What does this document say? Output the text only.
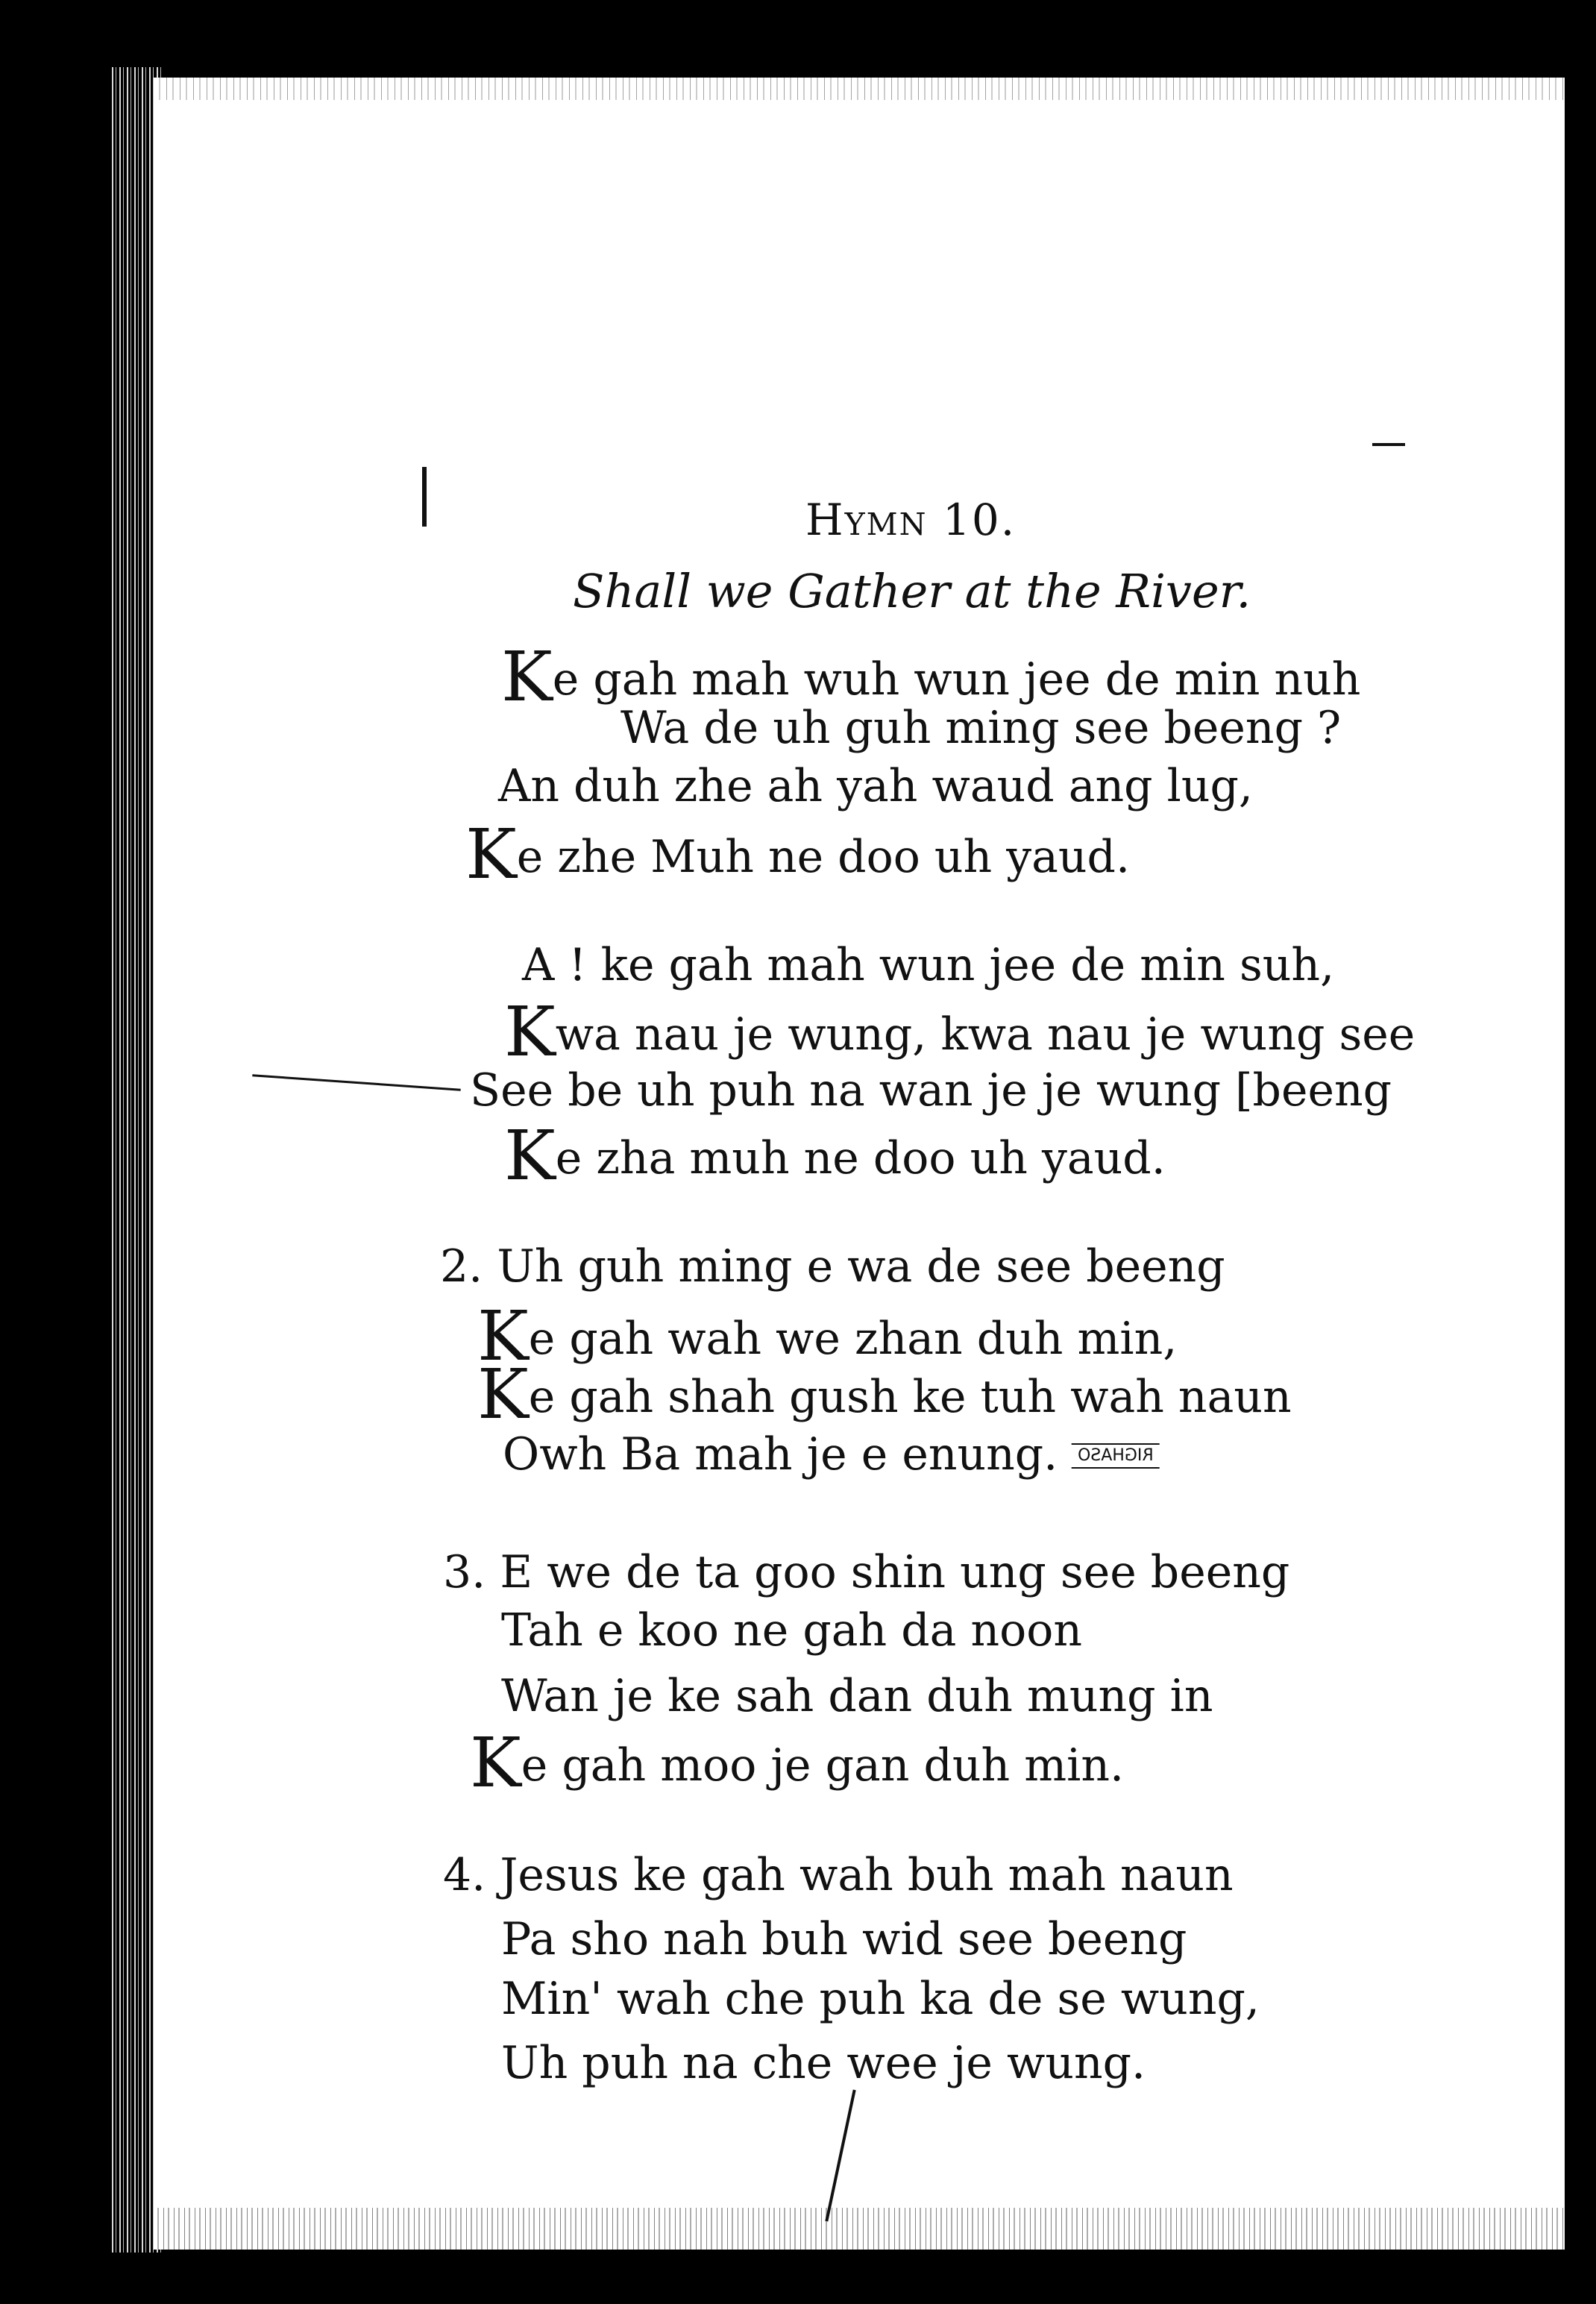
Hymn 10.
Shall we Gather at the River.
Ke gah mah wuh wun jee de min nuh
Wa de uh guh ming see beeng ?
An duh zhe ah yah waud ang lug,
Ke zhe Muh ne doo uh yaud.
A ! ke gah mah wun jee de min suh,
Kwa nau je wung, kwa nau je wung see
See be uh puh na wan je je wung [beeng
Ke zha muh ne doo uh yaud.
2. Uh guh ming e wa de see beeng
Ke gah wah we zhan duh min,
Ke gah shah gush ke tuh wah naun
Owh Ba mah je e enung. RIGHASO
3. E we de ta goo shin ung see beeng
Tah e koo ne gah da noon
Wan je ke sah dan duh mung in
Ke gah moo je gan duh min.
4. Jesus ke gah wah buh mah naun
Pa sho nah buh wid see beeng
Min' wah che puh ka de se wung,
Uh puh na che wee je wung.
